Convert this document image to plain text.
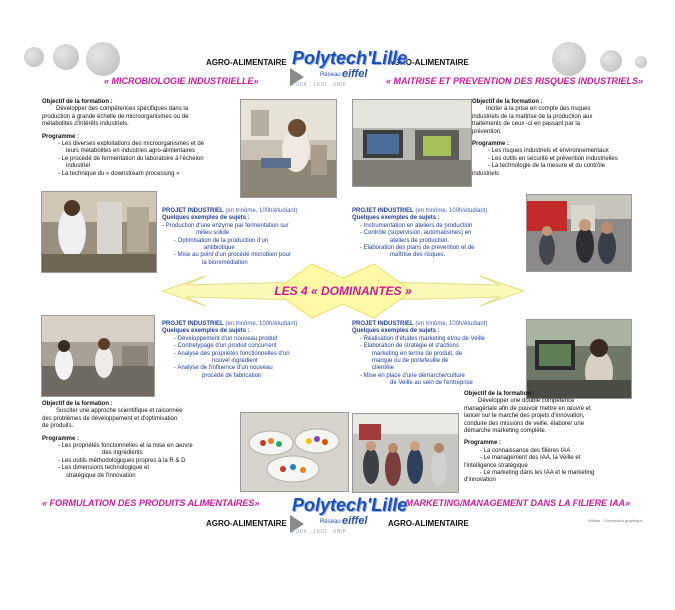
AGRO-ALIMENTAIRE	AGRO-ALIMENTAIRE
Polytech'Lille
Réseau eiffel
FUDK · LKCI · UNIP
« MICROBIOLOGIE INDUSTRIELLE»	« MAITRISE ET PREVENTION DES RISQUES INDUSTRIELS»
Objectif de la formation :
Développer des compétences spécifiques dans la
production à grande échelle de microorganismes ou de
métabolites d'intérêts industriels.
Programme :
- Les diverses exploitations des microorganismes et de
leurs métabolites en industries agro-alimentaires
- Le procédé de fermentation du laboratoire à l'échelon
industriel
- La technique du « downstream processing »
PROJET INDUSTRIEL (en trinôme, 100h/étudiant)
Quelques exemples de sujets :
- Production d'une enzyme par fermentation sur
milieu solide
- Optimisation de la production d'un
antibiotique
- Mise au point d'un procédé microbien pour
la bioremédiation
Objectif de la formation :
Inciter à la prise en compte des risques
industriels de la maîtrise de la production aux
traitements de ceux -ci en passant par la
prévention.
Programme :
- Les risques industriels et environnementaux
- Les outils en sécurité et prévention industrielles
- La technologie de la mesure et du contrôle
industriels
PROJET INDUSTRIEL (en trinôme, 100h/étudiant)
Quelques exemples de sujets :
- Instrumentation en ateliers de production
- Contrôle (supervision, automatismes) en
ateliers de production.
- Elaboration des plans de prévention et de
maîtrise des risques.
LES 4 « DOMINANTES »
PROJET INDUSTRIEL (en trinôme, 100h/étudiant)
Quelques exemples de sujets :
- Développement d'un nouveau produit
- Contretypage d'un produit concurrent
- Analyse des propriétés fonctionnelles d'un
nouvel ingrédient
- Analyse de l'influence d'un nouveau
procédé de fabrication
Objectif de la formation :
Susciter une approche scientifique et raisonnée
des problèmes de développement et d'optimisation
de produits.
Programme :
- Les propriétés fonctionnelles et la mise en œuvre
des ingrédients
- Les outils méthodologiques propres à la R & D
- Les dimensions technologique et
stratégique de l'innovation
PROJET INDUSTRIEL (en trinôme, 100h/étudiant)
Quelques exemples de sujets :
- Réalisation d'études marketing et/ou de Veille
- Elaboration de stratégie et d'actions
marketing en terme de produit, de
marque ou de portefeuille de
clientèle
- Mise en place d'une démarche/culture
de Veille au sein de l'entreprise
Objectif de la formation :
Développer une double compétence
managériale afin de pouvoir mettre en œuvre et
lancer sur le marché des projets d'innovation,
conduire des missions de veille, élaborer une
démarche marketing complète.
Programme :
- La connaissance des filières IAA
- Le management des IAA, la Veille et
l'intelligence stratégique
- Le marketing dans les IAA et le marketing
d'innovation
« FORMULATION DES PRODUITS ALIMENTAIRES»	« MARKETING/MANAGEMENT DANS LA FILIERE IAA»
Polytech'Lille
Réseau eiffel
FUDK · LKCI · UNIP
AGRO-ALIMENTAIRE	AGRO-ALIMENTAIRE	Affiche · Conception graphique
